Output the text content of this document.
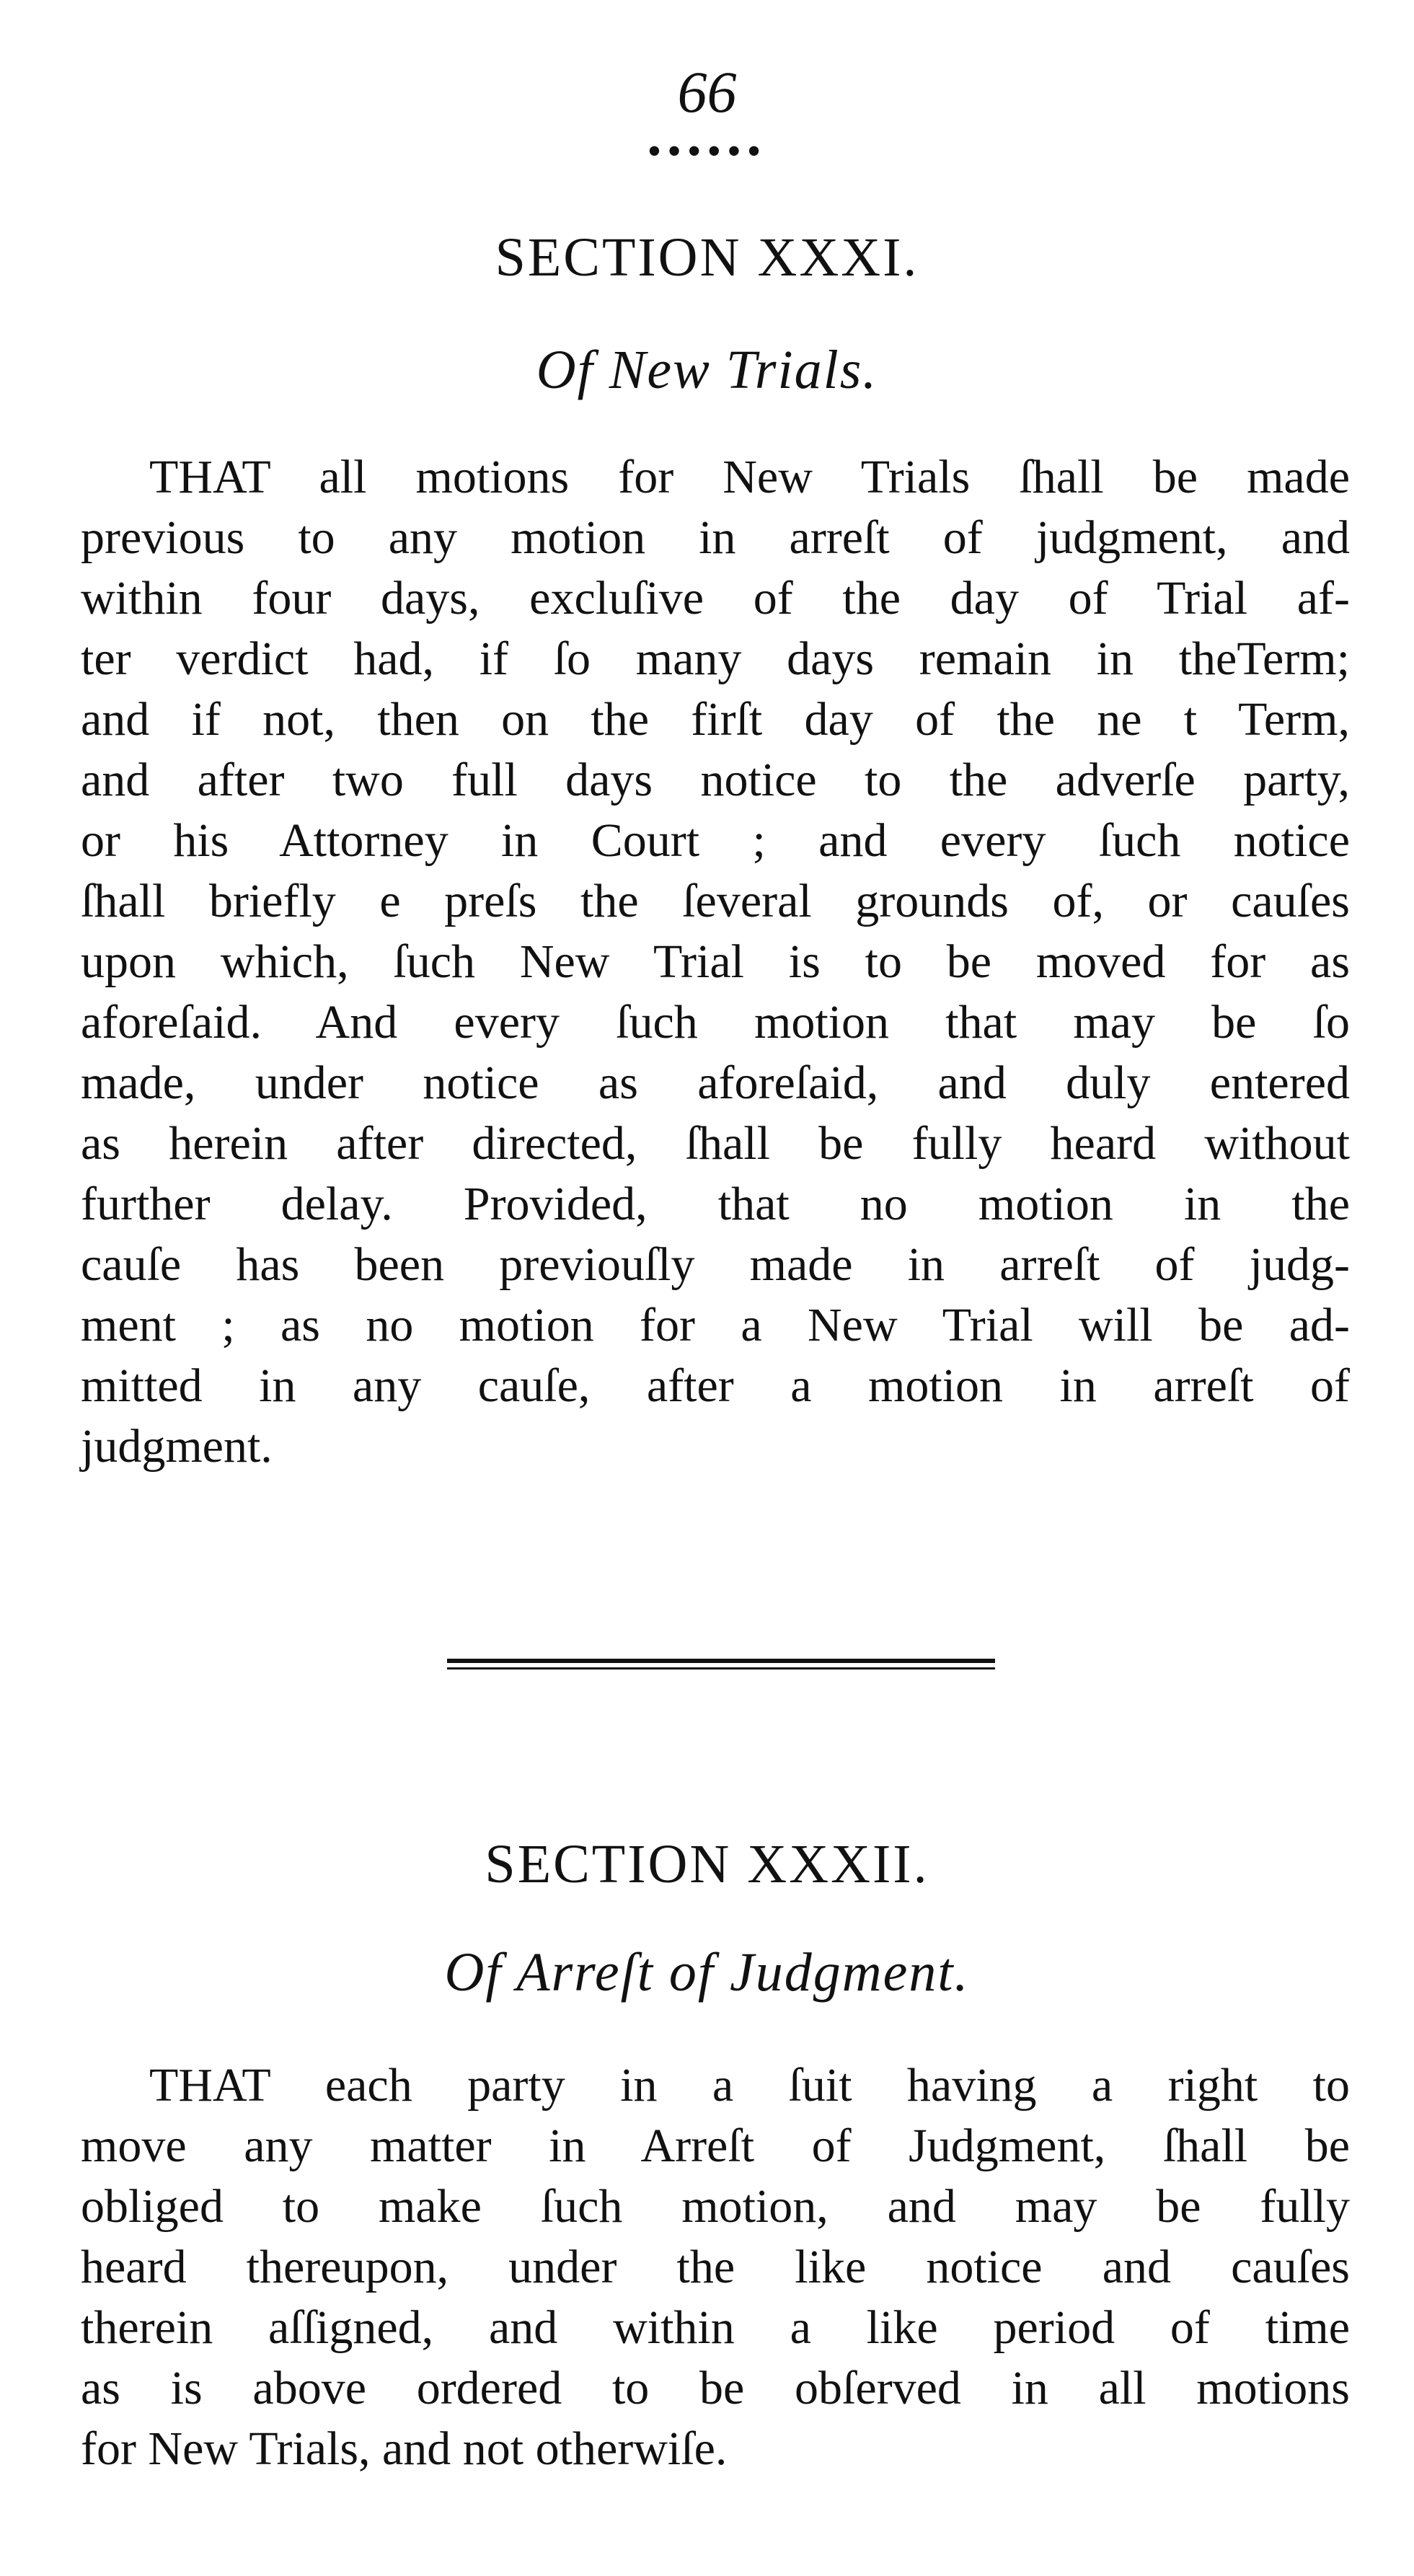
66
••••••
SECTION XXXI.
Of New Trials.
THAT all motions for New Trials ſhall be made
previous to any motion in arreſt of judgment, and
within four days, excluſive of the day of Trial af-
ter verdict had, if ſo many days remain in theTerm;
and if not, then on the firſt day of the ne t Term,
and after two full days notice to the adverſe party,
or his Attorney in Court ; and every ſuch notice
ſhall briefly e preſs the ſeveral grounds of, or cauſes
upon which, ſuch New Trial is to be moved for as
aforeſaid. And every ſuch motion that may be ſo
made, under notice as aforeſaid, and duly entered
as herein after directed, ſhall be fully heard without
further delay. Provided, that no motion in the
cauſe has been previouſly made in arreſt of judg-
ment ; as no motion for a New Trial will be ad-
mitted in any cauſe, after a motion in arreſt of
judgment.
SECTION XXXII.
Of Arreſt of Judgment.
THAT each party in a ſuit having a right to
move any matter in Arreſt of Judgment, ſhall be
obliged to make ſuch motion, and may be fully
heard thereupon, under the like notice and cauſes
therein aſſigned, and within a like period of time
as is above ordered to be obſerved in all motions
for New Trials, and not otherwiſe.
